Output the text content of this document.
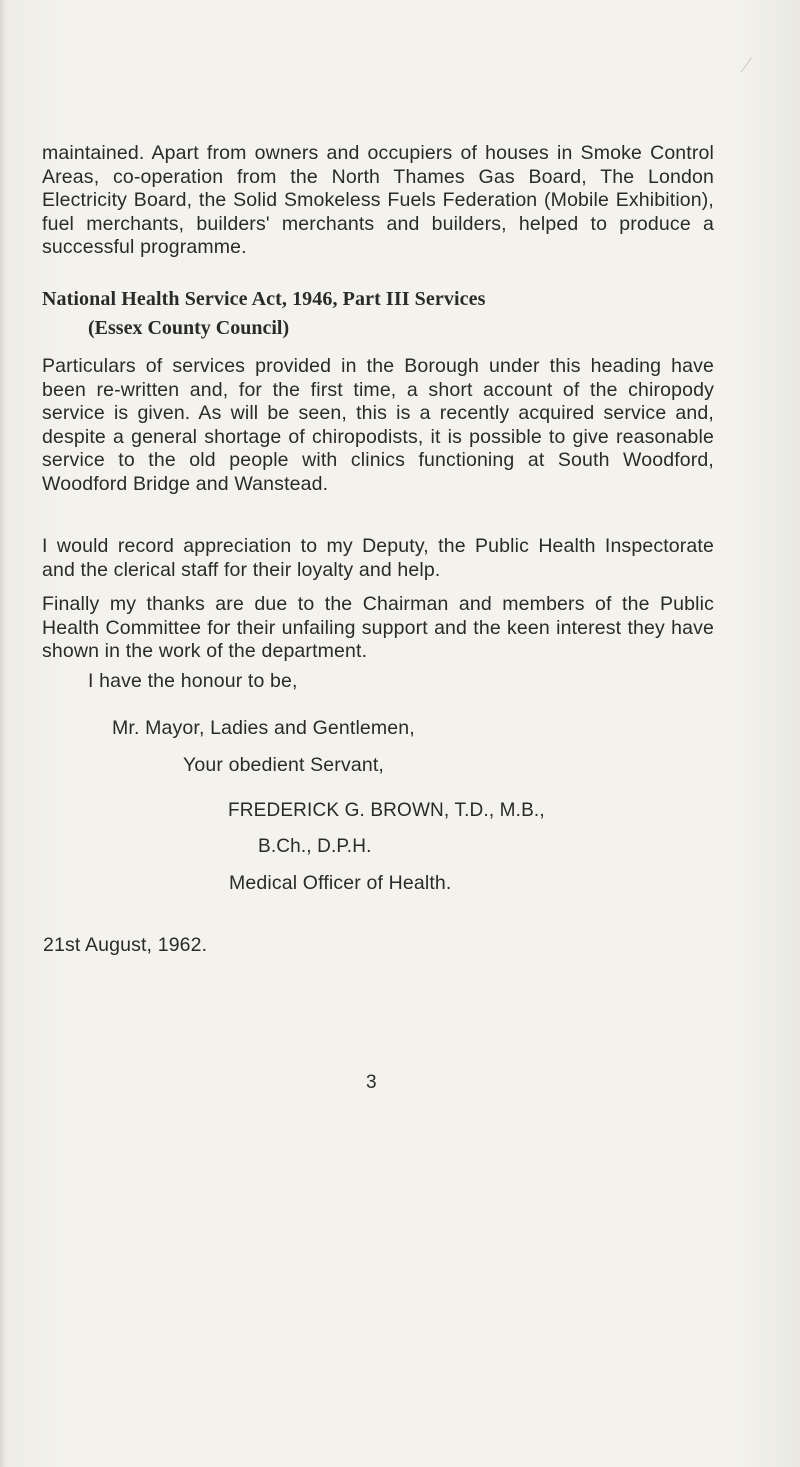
maintained. Apart from owners and occupiers of houses in Smoke Control Areas, co-operation from the North Thames Gas Board, The London Electricity Board, the Solid Smokeless Fuels Federation (Mobile Exhibition), fuel merchants, builders' merchants and builders, helped to produce a successful programme.

National Health Service Act, 1946, Part III Services

(Essex County Council)

Particulars of services provided in the Borough under this heading have been re-written and, for the first time, a short account of the chiropody service is given. As will be seen, this is a recently acquired service and, despite a general shortage of chiropodists, it is possible to give reasonable service to the old people with clinics functioning at South Woodford, Woodford Bridge and Wanstead.

I would record appreciation to my Deputy, the Public Health Inspectorate and the clerical staff for their loyalty and help.

Finally my thanks are due to the Chairman and members of the Public Health Committee for their unfailing support and the keen interest they have shown in the work of the department.

I have the honour to be,

Mr. Mayor, Ladies and Gentlemen,

Your obedient Servant,

FREDERICK G. BROWN, T.D., M.B.,

B.Ch., D.P.H.

Medical Officer of Health.

21st August, 1962.

3
